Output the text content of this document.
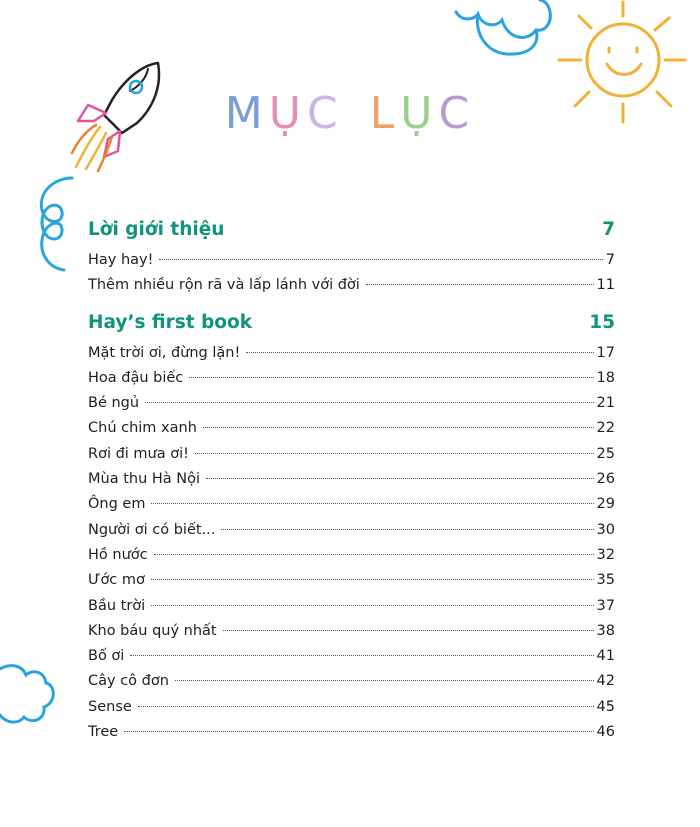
MỤC LỤC
Lời giới thiệu	7
Hay hay!	7
Thêm nhiều rộn rã và lấp lánh với đời	11
Hay’s first book	15
Mặt trời ơi, đừng lặn!	17
Hoa đậu biếc	18
Bé ngủ	21
Chú chim xanh	22
Rơi đi mưa ơi!	25
Mùa thu Hà Nội	26
Ông em	29
Người ơi có biết...	30
Hồ nước	32
Ước mơ	35
Bầu trời	37
Kho báu quý nhất	38
Bố ơi	41
Cây cô đơn	42
Sense	45
Tree	46
